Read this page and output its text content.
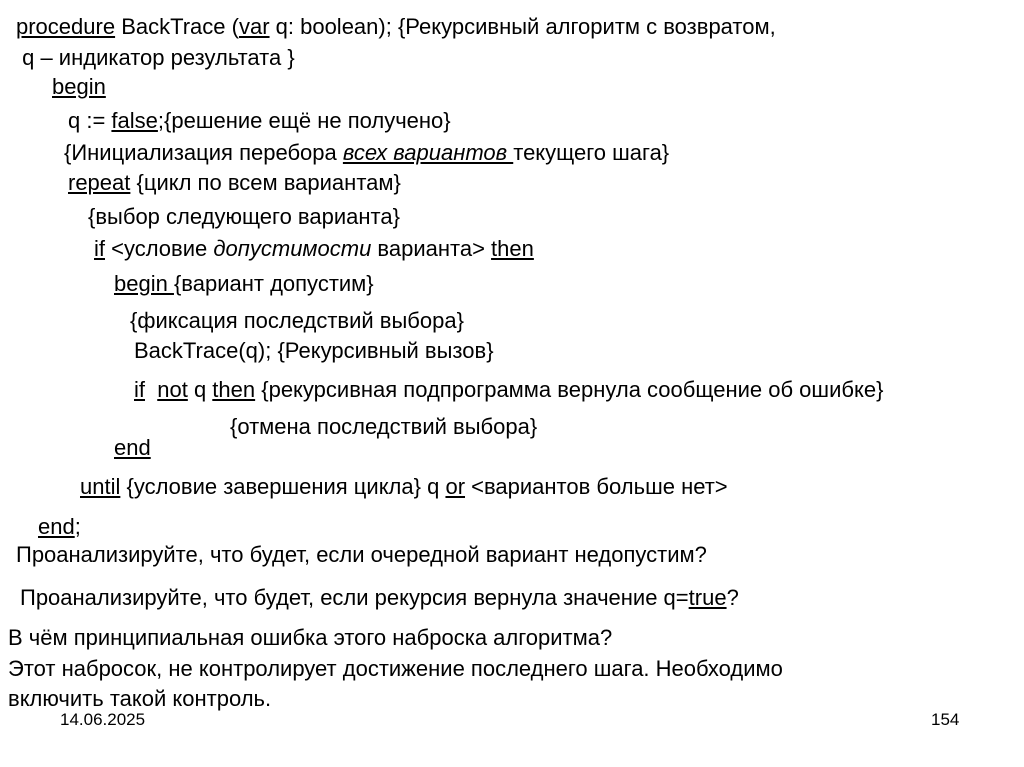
procedure BackTrace (var q: boolean); {Рекурсивный алгоритм с возвратом,
q – индикатор результата }
begin
q := false;{решение ещё не получено}
{Инициализация перебора всех вариантов текущего шага}
repeat {цикл по всем вариантам}
{выбор следующего варианта}
if <условие допустимости варианта> then
begin {вариант допустим}
{фиксация последствий выбора}
BackTrace(q); {Рекурсивный вызов}
if not q then {рекурсивная подпрограмма вернула сообщение об ошибке}
{отмена последствий выбора}
end
until {условие завершения цикла} q or <вариантов больше нет>
end;
Проанализируйте, что будет, если очередной вариант недопустим?
Проанализируйте, что будет, если рекурсия вернула значение q=true?
В чём принципиальная ошибка этого наброска алгоритма?
Этот набросок, не контролирует достижение последнего шага. Необходимо
включить такой контроль.
14.06.2025	154
